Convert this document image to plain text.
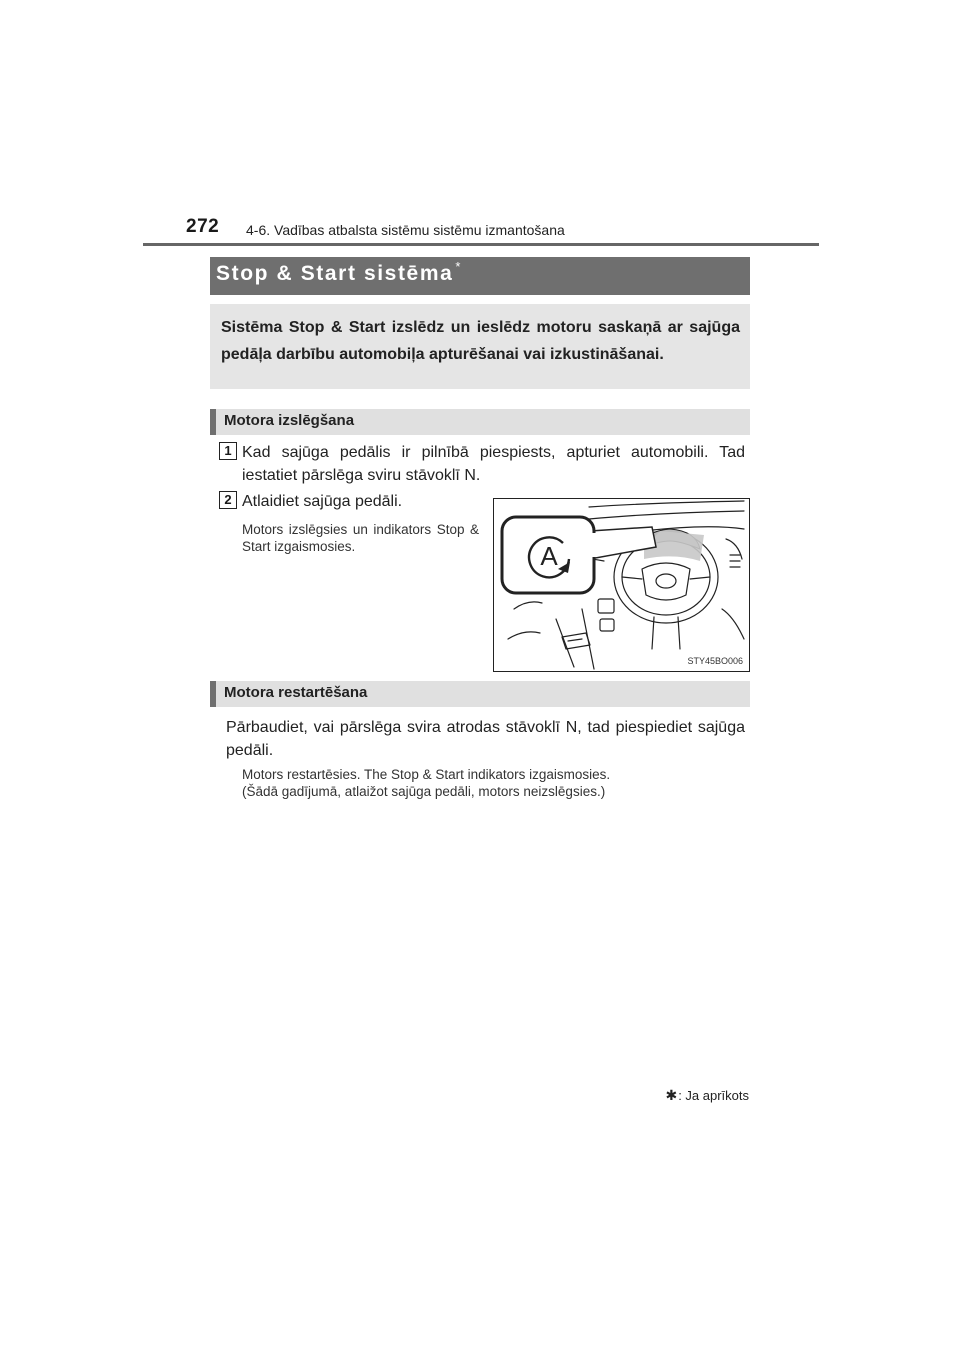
272 4-6. Vadības atbalsta sistēmu sistēmu izmantošana
Stop & Start sistēma *
Sistēma Stop & Start izslēdz un ieslēdz motoru saskaņā ar sajūga pedāļa darbību automobiļa apturēšanai vai izkustināšanai.
Motora izslēgšana
1 Kad sajūga pedālis ir pilnībā piespiests, apturiet automobili. Tad iestatiet pārslēga sviru stāvoklī N.
2 Atlaidiet sajūga pedāli.
Motors izslēgsies un indikators Stop & Start izgaismosies.	A
STY45BO006
Motora restartēšana
Pārbaudiet, vai pārslēga svira atrodas stāvoklī N, tad piespiediet sajūga pedāli.
Motors restartēsies. The Stop & Start indikators izgaismosies.
(Šādā gadījumā, atlaižot sajūga pedāli, motors neizslēgsies.)
✱: Ja aprīkots
